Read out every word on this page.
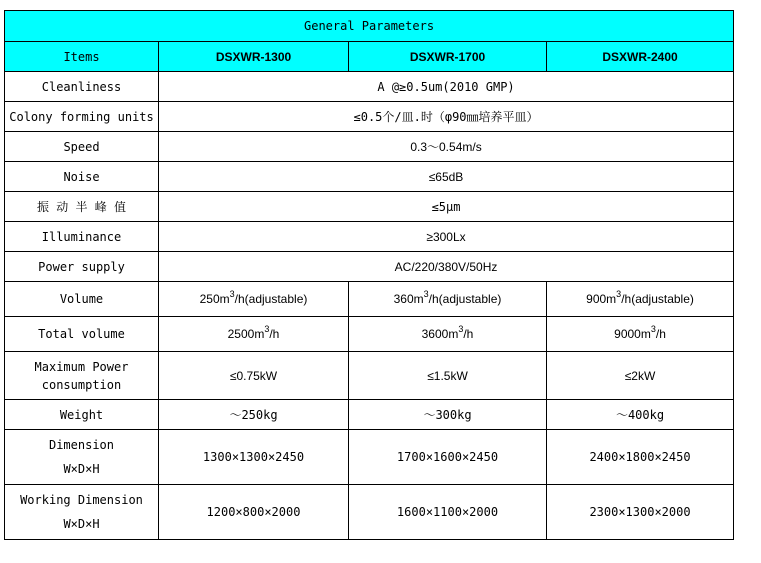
General Parameters			
Items	DSXWR-1300	DSXWR-1700	DSXWR-2400
Cleanliness	A @≥0.5um(2010 GMP)		
Colony forming units	≤0.5个/皿.时（φ90㎜培养平皿）		
Speed	0.3～0.54m/s		
Noise	≤65dB		
振 动 半 峰 值	≤5μm		
Illuminance	≥300Lx		
Power supply	AC/220/380V/50Hz		
Volume	$250m^3/h(adjustable)$	$360m^3/h(adjustable)$	$900m^3/h(adjustable)$
Total volume	$2500m^3/h$	$3600m^3/h$	$9000m^3/h$

Maximum Power
consumption	≤0.75kW	≤1.5kW	≤2kW
Weight	～250kg	～300kg	～400kg

Dimension
W×D×H	1300×1300×2450	1700×1600×2450	2400×1800×2450

Working Dimension
W×D×H	1200×800×2000	1600×1100×2000	2300×1300×2000
